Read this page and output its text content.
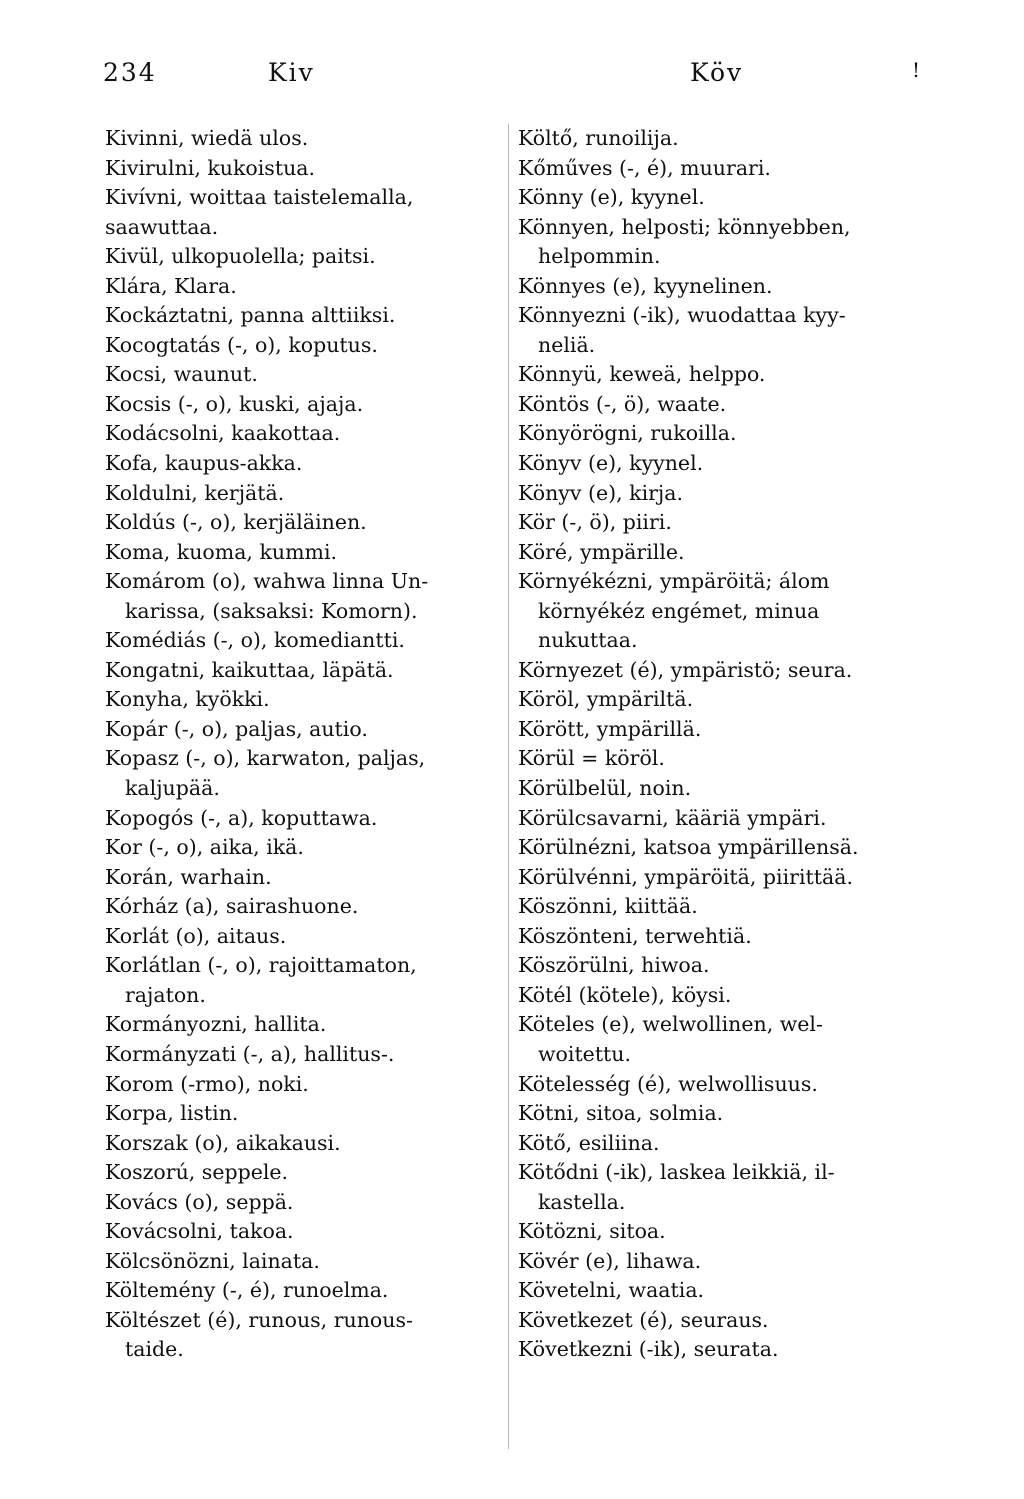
234	Kiv	Köv	!
Kivinni, wiedä ulos.
Kivirulni, kukoistua.
Kivívni, woittaa taistelemalla,
saawuttaa.
Kivül, ulkopuolella; paitsi.
Klára, Klara.
Kockáztatni, panna alttiiksi.
Kocogtatás (-, o), koputus.
Kocsi, waunut.
Kocsis (-, o), kuski, ajaja.
Kodácsolni, kaakottaa.
Kofa, kaupus-akka.
Koldulni, kerjätä.
Koldús (-, o), kerjäläinen.
Koma, kuoma, kummi.
Komárom (o), wahwa linna Un-
karissa, (saksaksi: Komorn).
Komédiás (-, o), komediantti.
Kongatni, kaikuttaa, läpätä.
Konyha, kyökki.
Kopár (-, o), paljas, autio.
Kopasz (-, o), karwaton, paljas,
kaljupää.
Kopogós (-, a), koputtawa.
Kor (-, o), aika, ikä.
Korán, warhain.
Kórház (a), sairashuone.
Korlát (o), aitaus.
Korlátlan (-, o), rajoittamaton,
rajaton.
Kormányozni, hallita.
Kormányzati (-, a), hallitus-.
Korom (-rmo), noki.
Korpa, listin.
Korszak (o), aikakausi.
Koszorú, seppele.
Kovács (o), seppä.
Kovácsolni, takoa.
Kölcsönözni, lainata.
Költemény (-, é), runoelma.
Költészet (é), runous, runous-
taide.
Költő, runoilija.
Kőműves (-, é), muurari.
Könny (e), kyynel.
Könnyen, helposti; könnyebben,
helpommin.
Könnyes (e), kyynelinen.
Könnyezni (-ik), wuodattaa kyy-
neliä.
Könnyü, keweä, helppo.
Köntös (-, ö), waate.
Könyörögni, rukoilla.
Könyv (e), kyynel.
Könyv (e), kirja.
Kör (-, ö), piiri.
Köré, ympärille.
Környékézni, ympäröitä; álom
környékéz engémet, minua
nukuttaa.
Környezet (é), ympäristö; seura.
Köröl, ympäriltä.
Körött, ympärillä.
Körül = köröl.
Körülbelül, noin.
Körülcsavarni, kääriä ympäri.
Körülnézni, katsoa ympärillensä.
Körülvénni, ympäröitä, piirittää.
Köszönni, kiittää.
Köszönteni, terwehtiä.
Köszörülni, hiwoa.
Kötél (kötele), köysi.
Köteles (e), welwollinen, wel-
woitettu.
Kötelesség (é), welwollisuus.
Kötni, sitoa, solmia.
Kötő, esiliina.
Kötődni (-ik), laskea leikkiä, il-
kastella.
Kötözni, sitoa.
Kövér (e), lihawa.
Követelni, waatia.
Következet (é), seuraus.
Következni (-ik), seurata.
